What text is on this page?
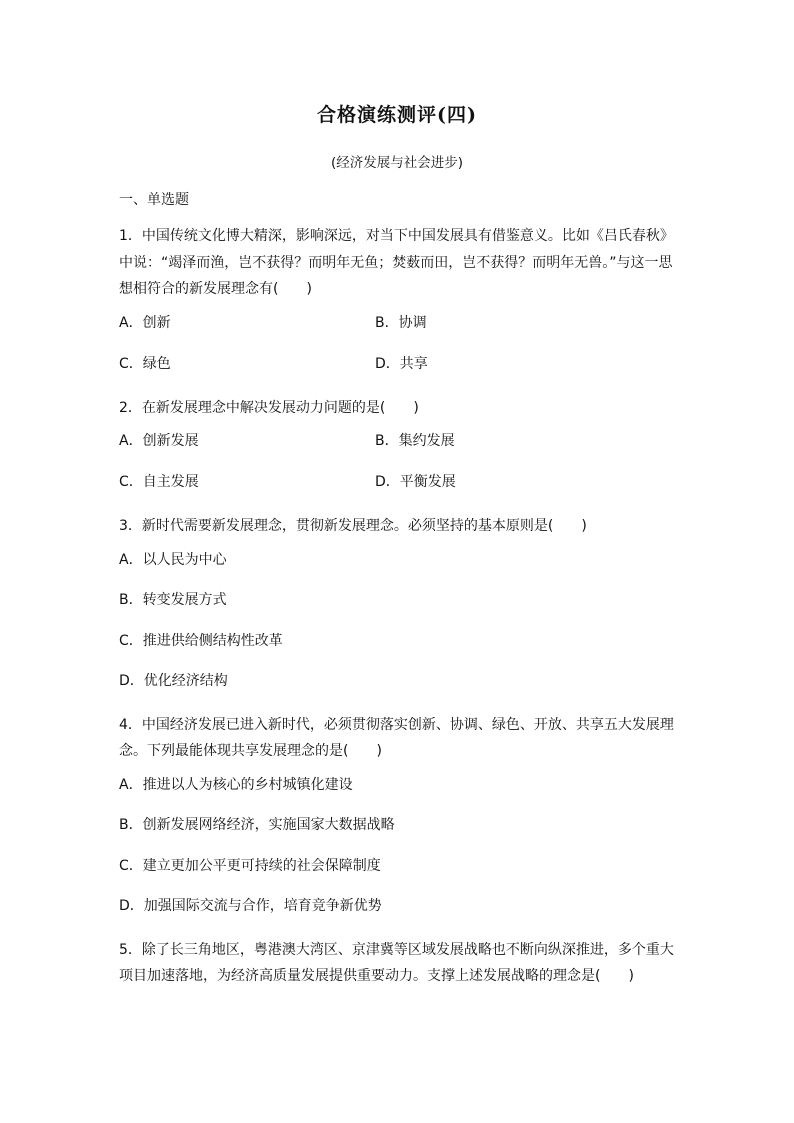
合格演练测评(四)
(经济发展与社会进步)
一、单选题
1．中国传统文化博大精深，影响深远，对当下中国发展具有借鉴意义。比如《吕氏春秋》中说：“竭泽而渔，岂不获得？而明年无鱼；焚薮而田，岂不获得？而明年无兽。”与这一思想相符合的新发展理念有(　　)
A．创新	B．协调
C．绿色	D．共享
2．在新发展理念中解决发展动力问题的是(　　)
A．创新发展	B．集约发展
C．自主发展	D．平衡发展
3．新时代需要新发展理念，贯彻新发展理念。必须坚持的基本原则是(　　)
A．以人民为中心
B．转变发展方式
C．推进供给侧结构性改革
D．优化经济结构
4．中国经济发展已进入新时代，必须贯彻落实创新、协调、绿色、开放、共享五大发展理念。下列最能体现共享发展理念的是(　　)
A．推进以人为核心的乡村城镇化建设
B．创新发展网络经济，实施国家大数据战略
C．建立更加公平更可持续的社会保障制度
D．加强国际交流与合作，培育竞争新优势
5．除了长三角地区，粤港澳大湾区、京津冀等区域发展战略也不断向纵深推进，多个重大项目加速落地，为经济高质量发展提供重要动力。支撑上述发展战略的理念是(　　)
